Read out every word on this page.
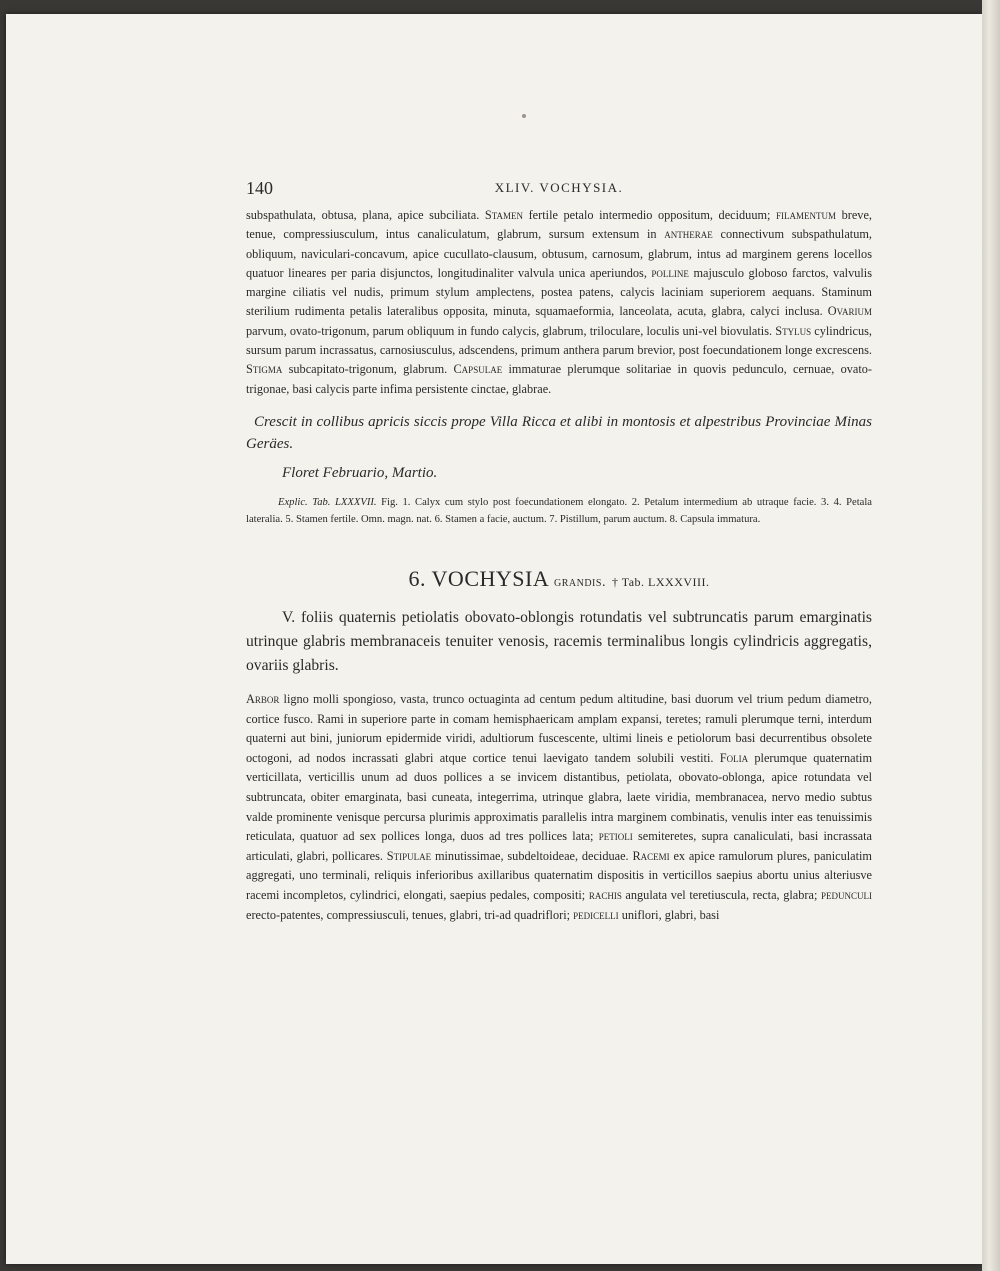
140	XLIV. VOCHYSIA.

subspathulata, obtusa, plana, apice subciliata. Stamen fertile petalo intermedio oppositum, deciduum; filamentum breve, tenue, compressiusculum, intus canaliculatum, glabrum, sursum extensum in antherae connectivum subspathulatum, obliquum, naviculari-concavum, apice cucullato-clausum, obtusum, carnosum, glabrum, intus ad marginem gerens locellos quatuor lineares per paria disjunctos, longitudinaliter valvula unica aperiundos, polline majusculo globoso farctos, valvulis margine ciliatis vel nudis, primum stylum amplectens, postea patens, calycis laciniam superiorem aequans. Staminum sterilium rudimenta petalis lateralibus opposita, minuta, squamaeformia, lanceolata, acuta, glabra, calyci inclusa. Ovarium parvum, ovato-trigonum, parum obliquum in fundo calycis, glabrum, triloculare, loculis uni-vel biovulatis. Stylus cylindricus, sursum parum incrassatus, carnosiusculus, adscendens, primum anthera parum brevior, post foecundationem longe excrescens. Stigma subcapitato-trigonum, glabrum. Capsulae immaturae plerumque solitariae in quovis pedunculo, cernuae, ovato-trigonae, basi calycis parte infima persistente cinctae, glabrae.

Crescit in collibus apricis siccis prope Villa Ricca et alibi in montosis et alpestribus Provinciae Minas Geräes.

Floret Februario, Martio.

Explic. Tab. LXXXVII. Fig. 1. Calyx cum stylo post foecundationem elongato. 2. Petalum intermedium ab utraque facie. 3. 4. Petala lateralia. 5. Stamen fertile. Omn. magn. nat. 6. Stamen a facie, auctum. 7. Pistillum, parum auctum. 8. Capsula immatura.

6. VOCHYSIA grandis. † Tab. LXXXVIII.

V. foliis quaternis petiolatis obovato-oblongis rotundatis vel subtruncatis parum emarginatis utrinque glabris membranaceis tenuiter venosis, racemis terminalibus longis cylindricis aggregatis, ovariis glabris.

Arbor ligno molli spongioso, vasta, trunco octuaginta ad centum pedum altitudine, basi duorum vel trium pedum diametro, cortice fusco. Rami in superiore parte in comam hemisphaericam amplam expansi, teretes; ramuli plerumque terni, interdum quaterni aut bini, juniorum epidermide viridi, adultiorum fuscescente, ultimi lineis e petiolorum basi decurrentibus obsolete octogoni, ad nodos incrassati glabri atque cortice tenui laevigato tandem solubili vestiti. Folia plerumque quaternatim verticillata, verticillis unum ad duos pollices a se invicem distantibus, petiolata, obovato-oblonga, apice rotundata vel subtruncata, obiter emarginata, basi cuneata, integerrima, utrinque glabra, laete viridia, membranacea, nervo medio subtus valde prominente venisque percursa plurimis approximatis parallelis intra marginem combinatis, venulis inter eas tenuissimis reticulata, quatuor ad sex pollices longa, duos ad tres pollices lata; petioli semiteretes, supra canaliculati, basi incrassata articulati, glabri, pollicares. Stipulae minutissimae, subdeltoideae, deciduae. Racemi ex apice ramulorum plures, paniculatim aggregati, uno terminali, reliquis inferioribus axillaribus quaternatim dispositis in verticillos saepius abortu unius alteriusve racemi incompletos, cylindrici, elongati, saepius pedales, compositi; rachis angulata vel teretiuscula, recta, glabra; pedunculi erecto-patentes, compressiusculi, tenues, glabri, tri-ad quadriflori; pedicelli uniflori, glabri, basi
